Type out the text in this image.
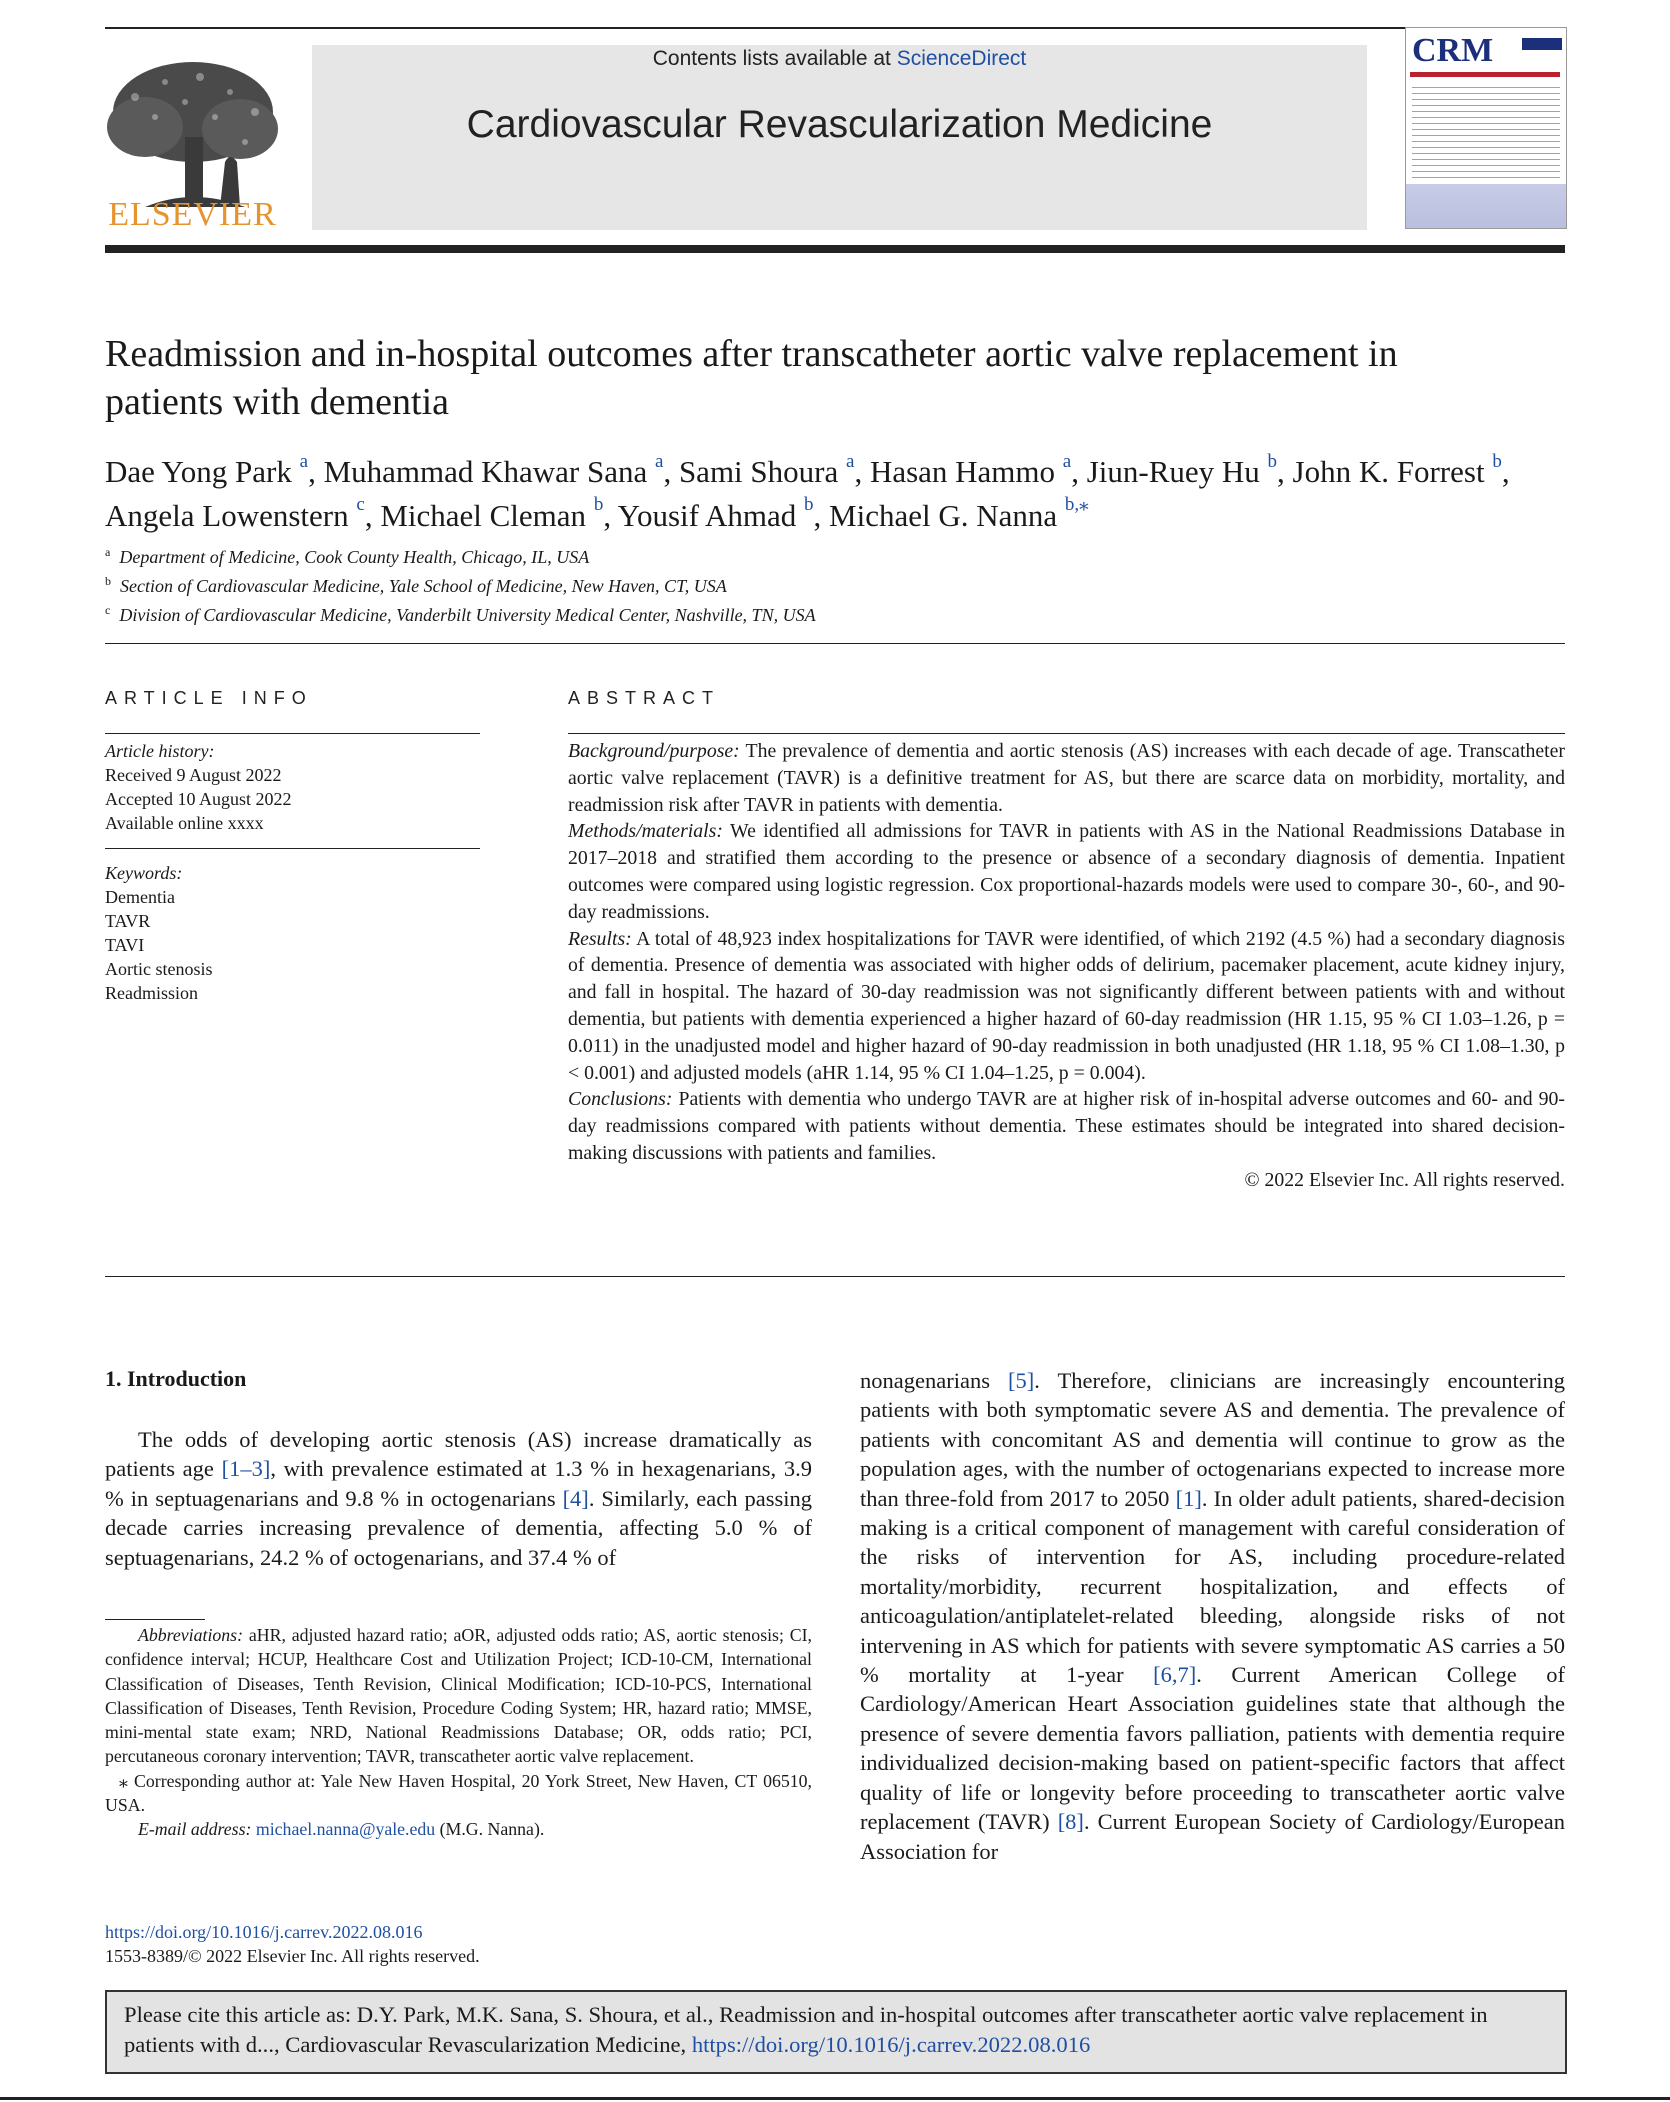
ELSEVIER
Contents lists available at ScienceDirect
Cardiovascular Revascularization Medicine
CRM
Readmission and in-hospital outcomes after transcatheter aortic valve replacement in patients with dementia
Dae Yong Park $^a$, Muhammad Khawar Sana $^a$, Sami Shoura $^a$, Hasan Hammo $^a$, Jiun-Ruey Hu $^b$, John K. Forrest $^b$,
Angela Lowenstern $^c$, Michael Cleman $^b$, Yousif Ahmad $^b$, Michael G. Nanna $^{b,⁎}$
$^a$ Department of Medicine, Cook County Health, Chicago, IL, USA
$^b$ Section of Cardiovascular Medicine, Yale School of Medicine, New Haven, CT, USA
$^c$ Division of Cardiovascular Medicine, Vanderbilt University Medical Center, Nashville, TN, USA
ARTICLE INFO
Article history:
Received 9 August 2022
Accepted 10 August 2022
Available online xxxx
Keywords:
Dementia
TAVR
TAVI
Aortic stenosis
Readmission
ABSTRACT

Background/purpose: The prevalence of dementia and aortic stenosis (AS) increases with each decade of age. Transcatheter aortic valve replacement (TAVR) is a definitive treatment for AS, but there are scarce data on morbidity, mortality, and readmission risk after TAVR in patients with dementia.

Methods/materials: We identified all admissions for TAVR in patients with AS in the National Readmissions Database in 2017–2018 and stratified them according to the presence or absence of a secondary diagnosis of dementia. Inpatient outcomes were compared using logistic regression. Cox proportional-hazards models were used to compare 30-, 60-, and 90-day readmissions.

Results: A total of 48,923 index hospitalizations for TAVR were identified, of which 2192 (4.5 %) had a secondary diagnosis of dementia. Presence of dementia was associated with higher odds of delirium, pacemaker placement, acute kidney injury, and fall in hospital. The hazard of 30-day readmission was not significantly different between patients with and without dementia, but patients with dementia experienced a higher hazard of 60-day readmission (HR 1.15, 95 % CI 1.03–1.26, p = 0.011) in the unadjusted model and higher hazard of 90-day readmission in both unadjusted (HR 1.18, 95 % CI 1.08–1.30, p < 0.001) and adjusted models (aHR 1.14, 95 % CI 1.04–1.25, p = 0.004).

Conclusions: Patients with dementia who undergo TAVR are at higher risk of in-hospital adverse outcomes and 60- and 90-day readmissions compared with patients without dementia. These estimates should be integrated into shared decision-making discussions with patients and families.

© 2022 Elsevier Inc. All rights reserved.

1. Introduction

The odds of developing aortic stenosis (AS) increase dramatically as patients age [1–3], with prevalence estimated at 1.3 % in hexagenarians, 3.9 % in septuagenarians and 9.8 % in octogenarians [4]. Similarly, each passing decade carries increasing prevalence of dementia, affecting 5.0 % of septuagenarians, 24.2 % of octogenarians, and 37.4 % of

nonagenarians [5]. Therefore, clinicians are increasingly encountering patients with both symptomatic severe AS and dementia. The prevalence of patients with concomitant AS and dementia will continue to grow as the population ages, with the number of octogenarians expected to increase more than three-fold from 2017 to 2050 [1]. In older adult patients, shared-decision making is a critical component of management with careful consideration of the risks of intervention for AS, including procedure-related mortality/morbidity, recurrent hospitalization, and effects of anticoagulation/antiplatelet-related bleeding, alongside risks of not intervening in AS which for patients with severe symptomatic AS carries a 50 % mortality at 1-year [6,7]. Current American College of Cardiology/American Heart Association guidelines state that although the presence of severe dementia favors palliation, patients with dementia require individualized decision-making based on patient-specific factors that affect quality of life or longevity before proceeding to transcatheter aortic valve replacement (TAVR) [8]. Current European Society of Cardiology/European Association for

Abbreviations: aHR, adjusted hazard ratio; aOR, adjusted odds ratio; AS, aortic stenosis; CI, confidence interval; HCUP, Healthcare Cost and Utilization Project; ICD-10-CM, International Classification of Diseases, Tenth Revision, Clinical Modification; ICD-10-PCS, International Classification of Diseases, Tenth Revision, Procedure Coding System; HR, hazard ratio; MMSE, mini-mental state exam; NRD, National Readmissions Database; OR, odds ratio; PCI, percutaneous coronary intervention; TAVR, transcatheter aortic valve replacement.

⁎ Corresponding author at: Yale New Haven Hospital, 20 York Street, New Haven, CT 06510, USA.

E-mail address: michael.nanna@yale.edu (M.G. Nanna).

https://doi.org/10.1016/j.carrev.2022.08.016
1553-8389/© 2022 Elsevier Inc. All rights reserved.
Please cite this article as: D.Y. Park, M.K. Sana, S. Shoura, et al., Readmission and in-hospital outcomes after transcatheter aortic valve replacement in patients with d..., Cardiovascular Revascularization Medicine, https://doi.org/10.1016/j.carrev.2022.08.016
